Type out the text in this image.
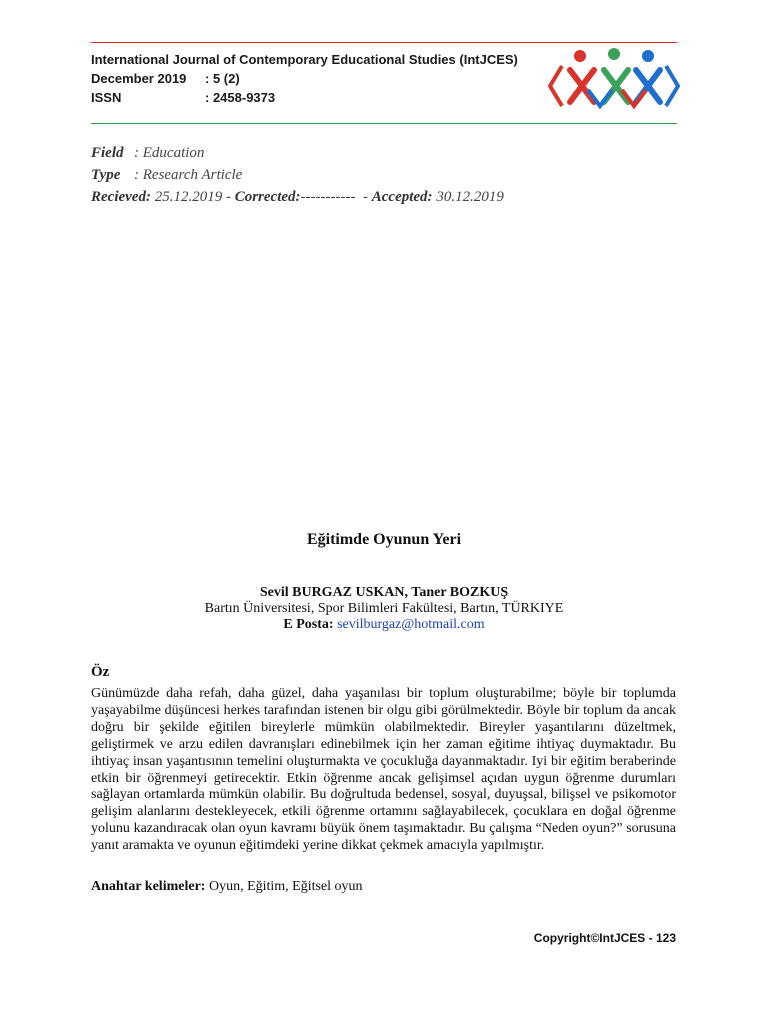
International Journal of Contemporary Educational Studies (IntJCES)
December 2019 : 5 (2)
ISSN	: 2458-9373
Field : Education
Type : Research Article
Recieved: 25.12.2019 - Corrected:-----------  - Accepted: 30.12.2019
Eğitimde Oyunun Yeri
Sevil BURGAZ USKAN, Taner BOZKUŞ
Bartın Üniversitesi, Spor Bilimleri Fakültesi, Bartın, TÜRKIYE
E Posta: sevilburgaz@hotmail.com
Öz
Günümüzde daha refah, daha güzel, daha yaşanılası bir toplum oluşturabilme; böyle bir toplumda yaşayabilme düşüncesi herkes tarafından istenen bir olgu gibi görülmektedir. Böyle bir toplum da ancak doğru bir şekilde eğitilen bireylerle mümkün olabilmektedir. Bireyler yaşantılarını düzeltmek, geliştirmek ve arzu edilen davranışları edinebilmek için her zaman eğitime ihtiyaç duymaktadır. Bu ihtiyaç insan yaşantısının temelini oluşturmakta ve çocukluğa dayanmaktadır. Iyi bir eğitim beraberinde etkin bir öğrenmeyi getirecektir. Etkin öğrenme ancak gelişimsel açıdan uygun öğrenme durumları sağlayan ortamlarda mümkün olabilir. Bu doğrultuda bedensel, sosyal, duyuşsal, bilişsel ve psikomotor gelişim alanlarını destekleyecek, etkili öğrenme ortamını sağlayabilecek, çocuklara en doğal öğrenme yolunu kazandıracak olan oyun kavramı büyük önem taşımaktadır. Bu çalışma “Neden oyun?” sorusuna yanıt aramakta ve oyunun eğitimdeki yerine dikkat çekmek amacıyla yapılmıştır.
Anahtar kelimeler: Oyun, Eğitim, Eğitsel oyun
Copyright©IntJCES - 123
